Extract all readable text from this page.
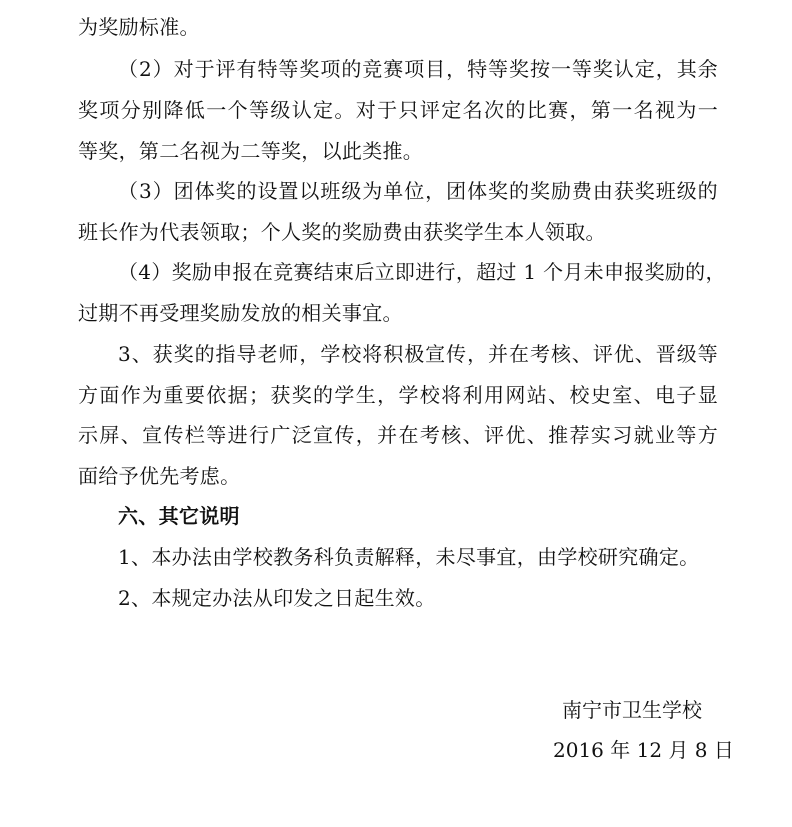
为奖励标准。
（2）对于评有特等奖项的竞赛项目，特等奖按一等奖认定，其余
奖项分别降低一个等级认定。对于只评定名次的比赛，第一名视为一
等奖，第二名视为二等奖，以此类推。
（3）团体奖的设置以班级为单位，团体奖的奖励费由获奖班级的
班长作为代表领取；个人奖的奖励费由获奖学生本人领取。
（4）奖励申报在竞赛结束后立即进行，超过 1 个月未申报奖励的，
过期不再受理奖励发放的相关事宜。
3、获奖的指导老师，学校将积极宣传，并在考核、评优、晋级等
方面作为重要依据；获奖的学生，学校将利用网站、校史室、电子显
示屏、宣传栏等进行广泛宣传，并在考核、评优、推荐实习就业等方
面给予优先考虑。
六、其它说明
1、本办法由学校教务科负责解释，未尽事宜，由学校研究确定。
2、本规定办法从印发之日起生效。
南宁市卫生学校
2016 年 12 月 8 日
